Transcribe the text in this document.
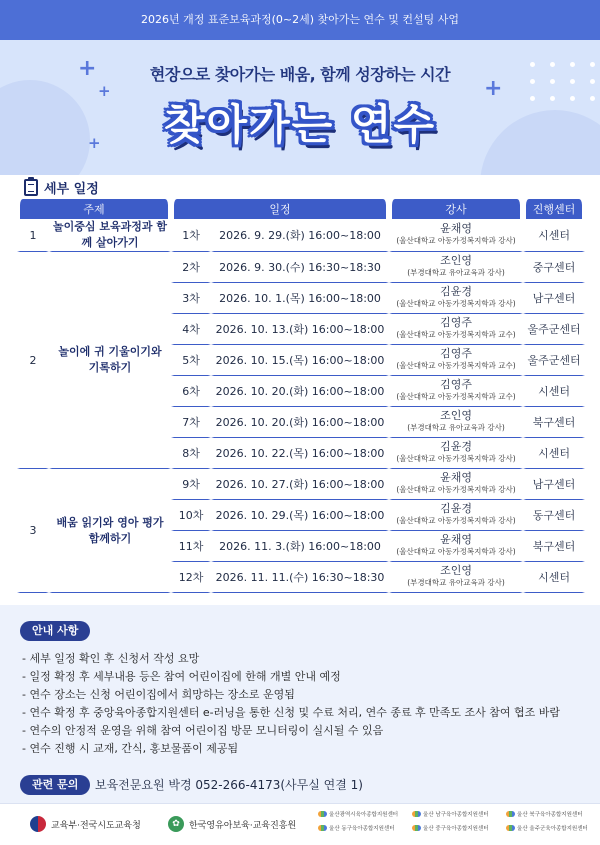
2026년 개정 표준보육과정(0~2세) 찾아가는 연수 및 컨설팅 사업
+
+	+
+
현장으로 찾아가는 배움, 함께 성장하는 시간
찾아가는 연수
세부 일정
주제		일정		강사	진행센터
1	놀이중심 보육과정과 함께 살아가기	1차	2026. 9. 29.(화) 16:00~18:00	윤채영
(울산대학교 아동가정복지학과 강사)	시센터
2	놀이에 귀 기울이기와 기록하기	2차	2026. 9. 30.(수) 16:30~18:30	조인영
(부경대학교 유아교육과 강사)	중구센터
		3차	2026. 10. 1.(목) 16:00~18:00	김윤경
(울산대학교 아동가정복지학과 강사)	남구센터
		4차	2026. 10. 13.(화) 16:00~18:00	김영주
(울산대학교 아동가정복지학과 교수)	울주군센터
		5차	2026. 10. 15.(목) 16:00~18:00	김영주
(울산대학교 아동가정복지학과 교수)	울주군센터
		6차	2026. 10. 20.(화) 16:00~18:00	김영주
(울산대학교 아동가정복지학과 교수)	시센터
		7차	2026. 10. 20.(화) 16:00~18:00	조인영
(부경대학교 유아교육과 강사)	북구센터
		8차	2026. 10. 22.(목) 16:00~18:00	김윤경
(울산대학교 아동가정복지학과 강사)	시센터
3	배움 읽기와 영아 평가 함께하기	9차	2026. 10. 27.(화) 16:00~18:00	윤채영
(울산대학교 아동가정복지학과 강사)	남구센터
		10차	2026. 10. 29.(목) 16:00~18:00	김윤경
(울산대학교 아동가정복지학과 강사)	동구센터
		11차	2026. 11. 3.(화) 16:00~18:00	윤채영
(울산대학교 아동가정복지학과 강사)	북구센터
		12차	2026. 11. 11.(수) 16:30~18:30	조인영
(부경대학교 유아교육과 강사)	시센터
안내 사항
- 세부 일정 확인 후 신청서 작성 요망
- 일정 확정 후 세부내용 등은 참여 어린이집에 한해 개별 안내 예정
- 연수 장소는 신청 어린이집에서 희망하는 장소로 운영됨
- 연수 확정 후 중앙육아종합지원센터 e-러닝을 통한 신청 및 수료 처리, 연수 종료 후 만족도 조사 참여 협조 바람
- 연수의 안정적 운영을 위해 참여 어린이집 방문 모니터링이 실시될 수 있음
- 연수 진행 시 교재, 간식, 홍보물품이 제공됨
관련 문의	보육전문요원 박경 052-266-4173(사무실 연결 1)
교육부·전국시도교육청	✿	한국영유아보육·교육진흥원
울산광역시육아종합지원센터	울산 남구육아종합지원센터	울산 북구육아종합지원센터
울산 동구육아종합지원센터	울산 중구육아종합지원센터	울산 울주군육아종합지원센터
